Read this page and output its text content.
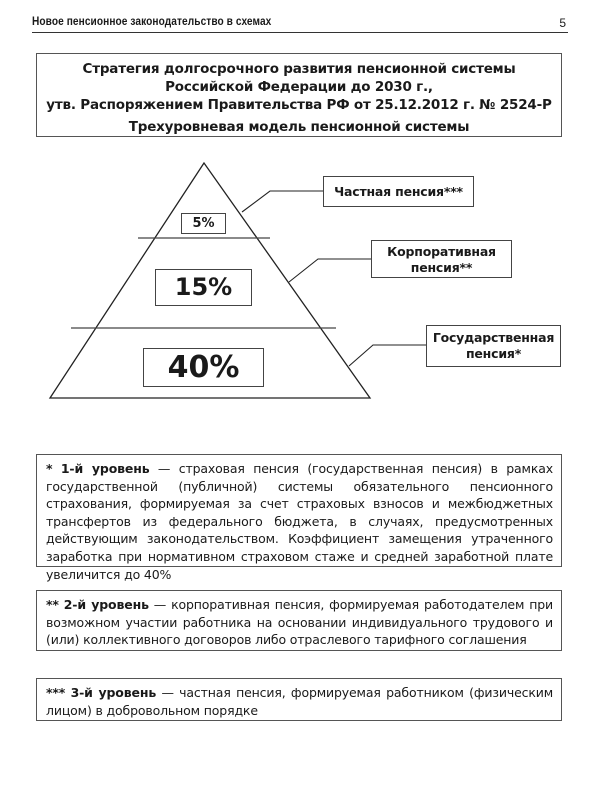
Новое пенсионное законодательство в схемах	5
Стратегия долгосрочного развития пенсионной системы
Российской Федерации до 2030 г.,
утв. Распоряжением Правительства РФ от 25.12.2012 г. № 2524-Р
Трехуровневая модель пенсионной системы
5%
15%
40%
Частная пенсия***
Корпоративная
пенсия**
Государственная
пенсия*
* 1-й уровень — страховая пенсия (государственная пенсия) в рамках государственной (публичной) системы обязательного пенсионного страхования, формируемая за счет страховых взносов и межбюджетных трансфертов из федерального бюджета, в случаях, предусмотренных действующим законодательством. Коэффициент замещения утраченного заработка при нормативном страховом стаже и средней заработной плате увеличится до 40%
** 2-й уровень — корпоративная пенсия, формируемая работодателем при возможном участии работника на основании индивидуального трудового и (или) коллективного договоров либо отраслевого тарифного соглашения
*** 3-й уровень — частная пенсия, формируемая работником (физическим лицом) в добровольном порядке
